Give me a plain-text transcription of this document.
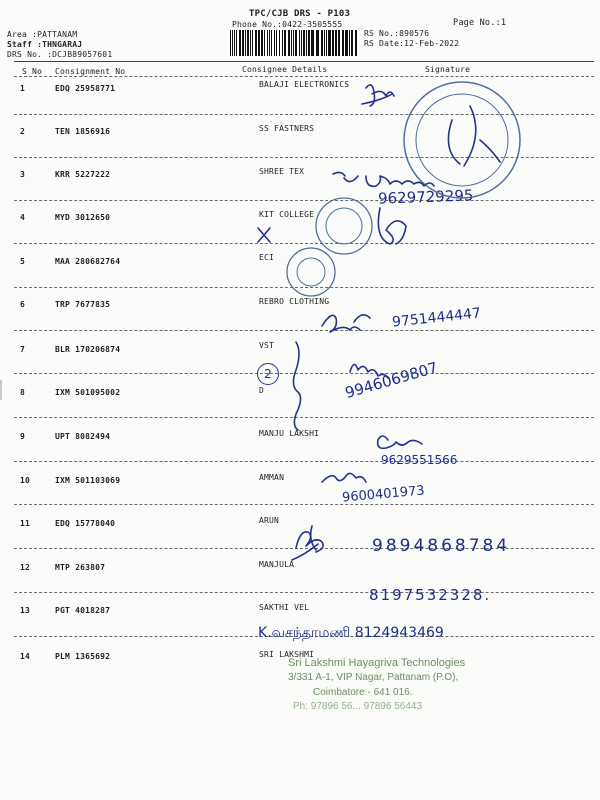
TPC/CJB DRS - P103
Phone No.:0422-3505555	Page No.:1
Area :PATTANAM
Staff :THNGARAJ
DRS No. :DCJB89057601
RS No.:890576
RS Date:12-Feb-2022
S No Consignment No	Consignee Details	Signature
1	EDQ 25958771	BALAJI ELECTRONICS
2	TEN 1856916	SS FASTNERS
3	KRR 5227222	SHREE TEX
4	MYD 3012650	KIT COLLEGE
5	MAA 280682764	ECI
6	TRP 7677835	REBRO CLOTHING
7	BLR 170206874	VST
8	IXM 501095002	D
9	UPT 8082494	MANJU LAKSHI
10	IXM 501103069	AMMAN
11	EDQ 15778040	ARUN
12	MTP 263807	MANJULA
13	PGT 4018287	SAKTHI VEL
14	PLM 1365692	SRI LAKSHMI
Sri Lakshmi Hayagriva Technologies
3/331 A-1, VIP Nagar, Pattanam (P.O),
Coimbatore - 641 016.
Ph: 97896 56... 97896 56443
9629729295
9751444447
2	9946069807
9629551566
9600401973
9894868784
8197532328.
K.வசந்தாமணி 8124943469
